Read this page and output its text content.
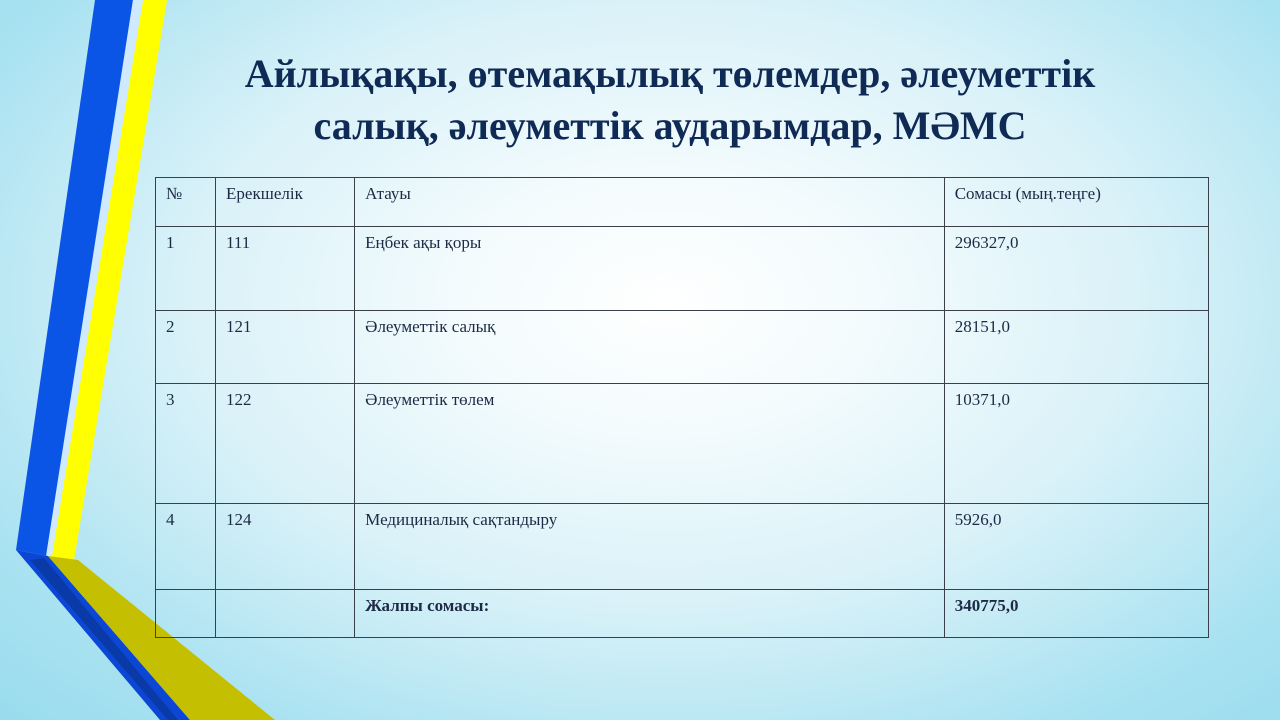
Айлықақы, өтемақылық төлемдер, әлеуметтік
салық, әлеуметтік аударымдар, МӘМС
№	Ерекшелік	Атауы	Сомасы (мың.теңге)
1	111	Еңбек ақы қоры	296327,0
2	121	Әлеуметтік салық	28151,0
3	122	Әлеуметтік төлем	10371,0
4	124	Медициналық сақтандыру	5926,0
		Жалпы сомасы:	340775,0
